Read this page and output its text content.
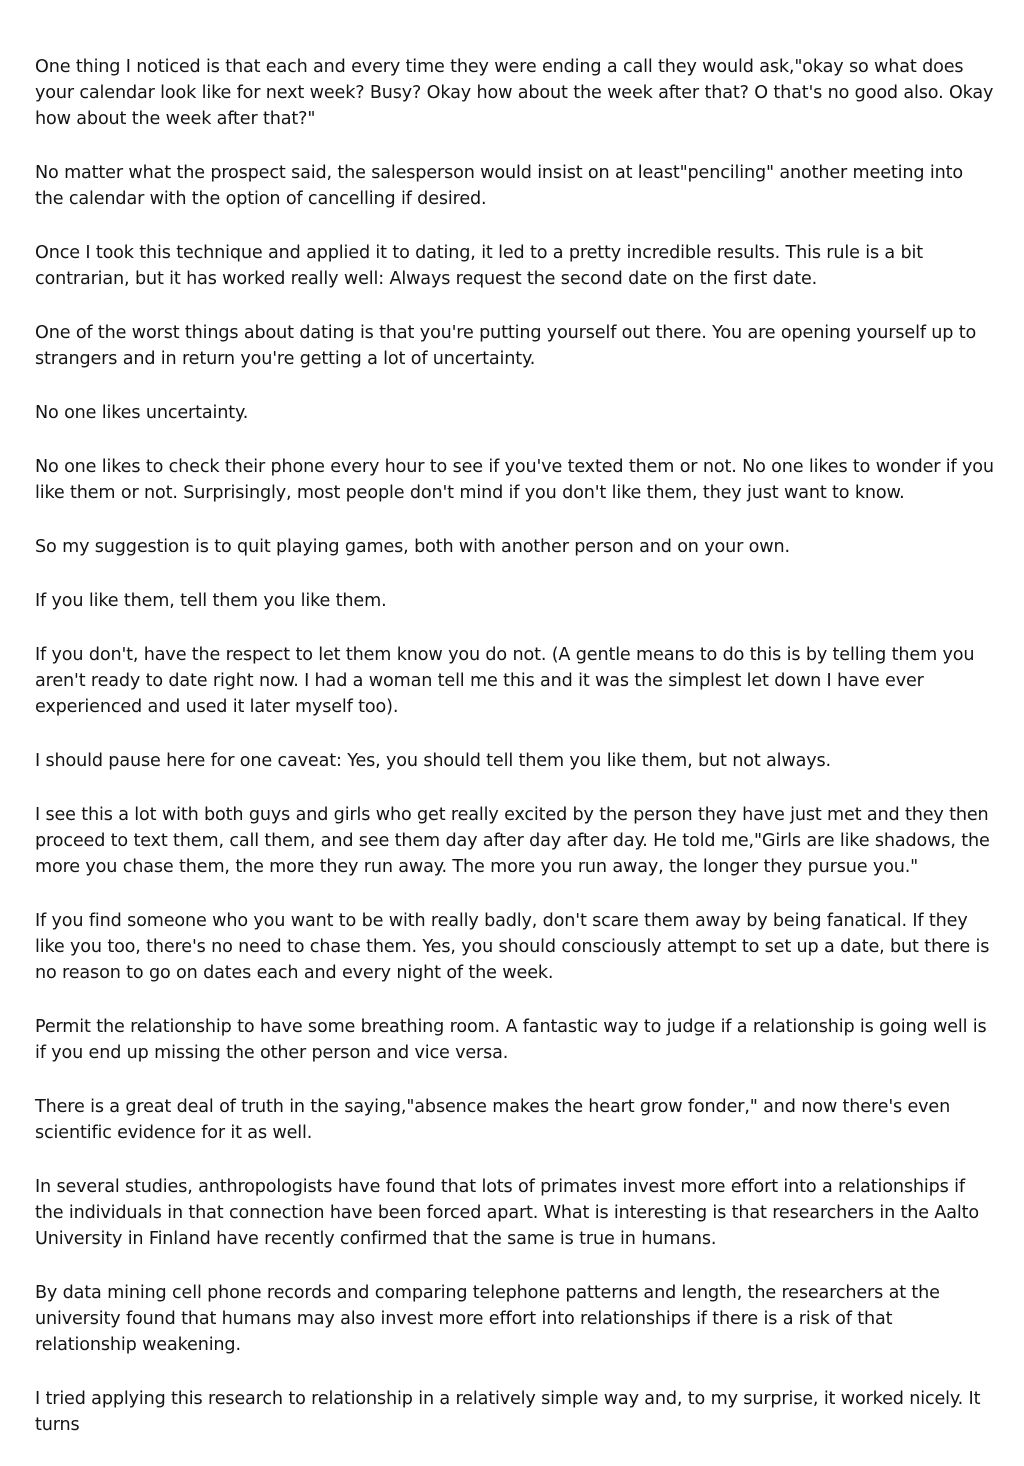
One thing I noticed is that each and every time they were ending a call they would ask,"okay so what does your calendar look like for next week? Busy? Okay how about the week after that? O that's no good also. Okay how about the week after that?"

No matter what the prospect said, the salesperson would insist on at least"penciling" another meeting into the calendar with the option of cancelling if desired.

Once I took this technique and applied it to dating, it led to a pretty incredible results. This rule is a bit contrarian, but it has worked really well: Always request the second date on the first date.

One of the worst things about dating is that you're putting yourself out there. You are opening yourself up to strangers and in return you're getting a lot of uncertainty.

No one likes uncertainty.

No one likes to check their phone every hour to see if you've texted them or not. No one likes to wonder if you like them or not. Surprisingly, most people don't mind if you don't like them, they just want to know.

So my suggestion is to quit playing games, both with another person and on your own.

If you like them, tell them you like them.

If you don't, have the respect to let them know you do not. (A gentle means to do this is by telling them you aren't ready to date right now. I had a woman tell me this and it was the simplest let down I have ever experienced and used it later myself too).

I should pause here for one caveat: Yes, you should tell them you like them, but not always.

I see this a lot with both guys and girls who get really excited by the person they have just met and they then proceed to text them, call them, and see them day after day after day. He told me,"Girls are like shadows, the more you chase them, the more they run away. The more you run away, the longer they pursue you."

If you find someone who you want to be with really badly, don't scare them away by being fanatical. If they like you too, there's no need to chase them. Yes, you should consciously attempt to set up a date, but there is no reason to go on dates each and every night of the week.

Permit the relationship to have some breathing room. A fantastic way to judge if a relationship is going well is if you end up missing the other person and vice versa.

There is a great deal of truth in the saying,"absence makes the heart grow fonder," and now there's even scientific evidence for it as well.

In several studies, anthropologists have found that lots of primates invest more effort into a relationships if the individuals in that connection have been forced apart. What is interesting is that researchers in the Aalto University in Finland have recently confirmed that the same is true in humans.

By data mining cell phone records and comparing telephone patterns and length, the researchers at the university found that humans may also invest more effort into relationships if there is a risk of that relationship weakening.

I tried applying this research to relationship in a relatively simple way and, to my surprise, it worked nicely. It turns
